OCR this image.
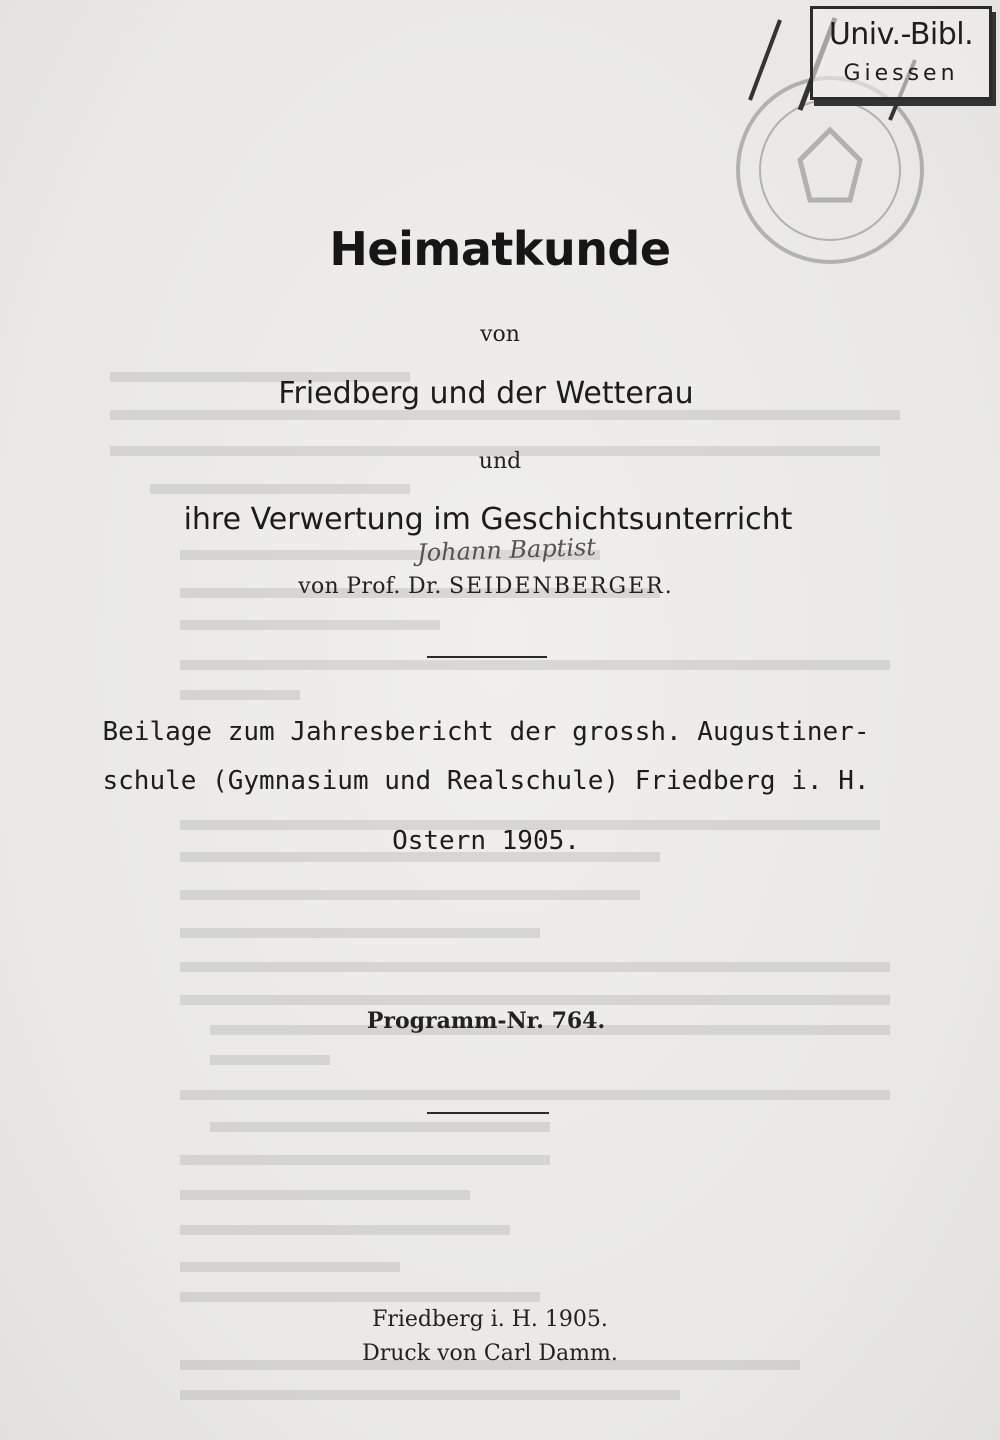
Univ.-Bibl.
Giessen
Heimatkunde
von
Friedberg und der Wetterau
und
ihre Verwertung im Geschichtsunterricht
Johann Baptist
von Prof. Dr. SEIDENBERGER.
Beilage zum Jahresbericht der grossh. Augustiner-
schule (Gymnasium und Realschule) Friedberg i. H.
Ostern 1905.
Programm-Nr. 764.
Friedberg i. H. 1905.
Druck von Carl Damm.
